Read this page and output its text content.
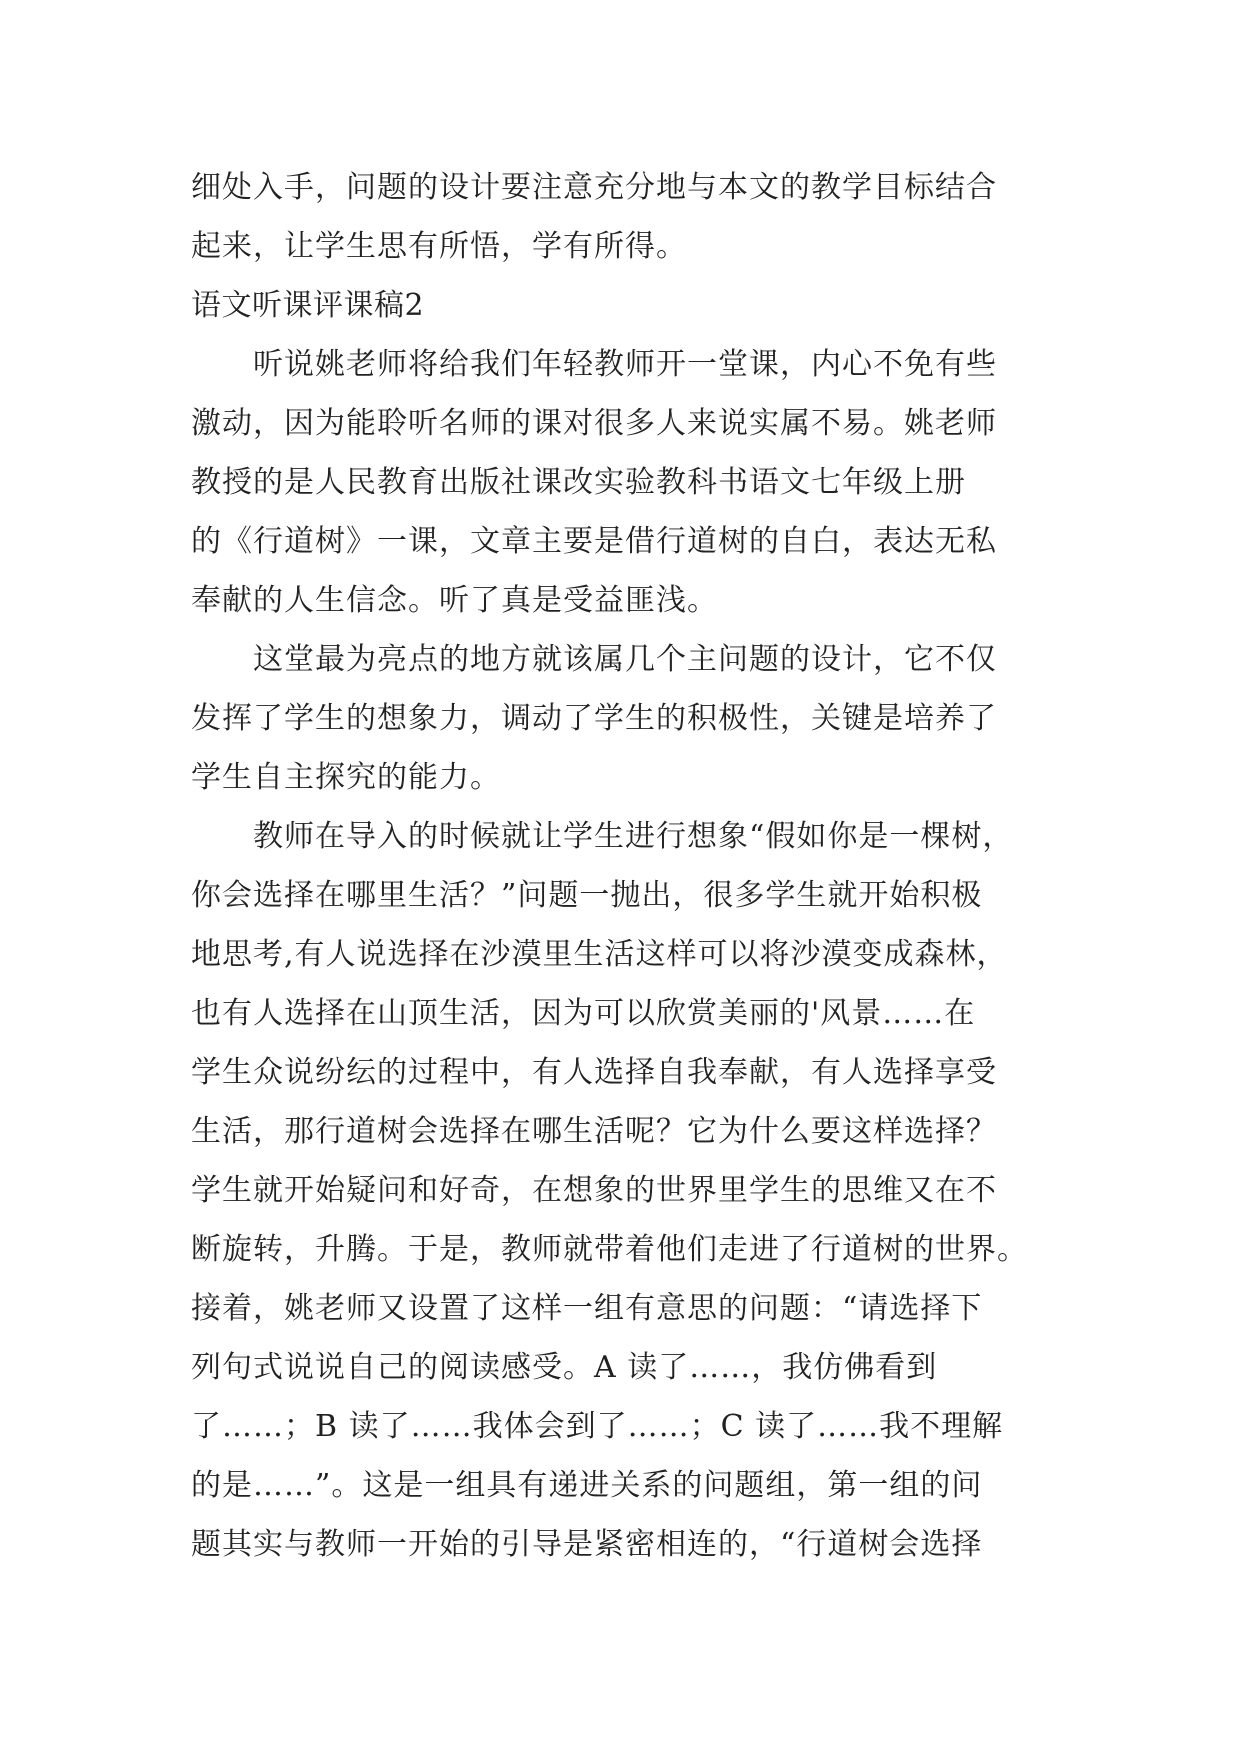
细处入手，问题的设计要注意充分地与本文的教学目标结合
起来，让学生思有所悟，学有所得。
语文听课评课稿2
　　听说姚老师将给我们年轻教师开一堂课，内心不免有些
激动，因为能聆听名师的课对很多人来说实属不易。姚老师
教授的是人民教育出版社课改实验教科书语文七年级上册
的《行道树》一课，文章主要是借行道树的自白，表达无私
奉献的人生信念。听了真是受益匪浅。
　　这堂最为亮点的地方就该属几个主问题的设计，它不仅
发挥了学生的想象力，调动了学生的积极性，关键是培养了
学生自主探究的能力。
　　教师在导入的时候就让学生进行想象“假如你是一棵树，
你会选择在哪里生活？”问题一抛出，很多学生就开始积极
地思考,有人说选择在沙漠里生活这样可以将沙漠变成森林，
也有人选择在山顶生活，因为可以欣赏美丽的'风景……在
学生众说纷纭的过程中，有人选择自我奉献，有人选择享受
生活，那行道树会选择在哪生活呢？它为什么要这样选择？
学生就开始疑问和好奇，在想象的世界里学生的思维又在不
断旋转，升腾。于是，教师就带着他们走进了行道树的世界。
接着，姚老师又设置了这样一组有意思的问题：“请选择下
列句式说说自己的阅读感受。A 读了……，我仿佛看到
了……；B 读了……我体会到了……；C 读了……我不理解
的是……”。这是一组具有递进关系的问题组，第一组的问
题其实与教师一开始的引导是紧密相连的，“行道树会选择
